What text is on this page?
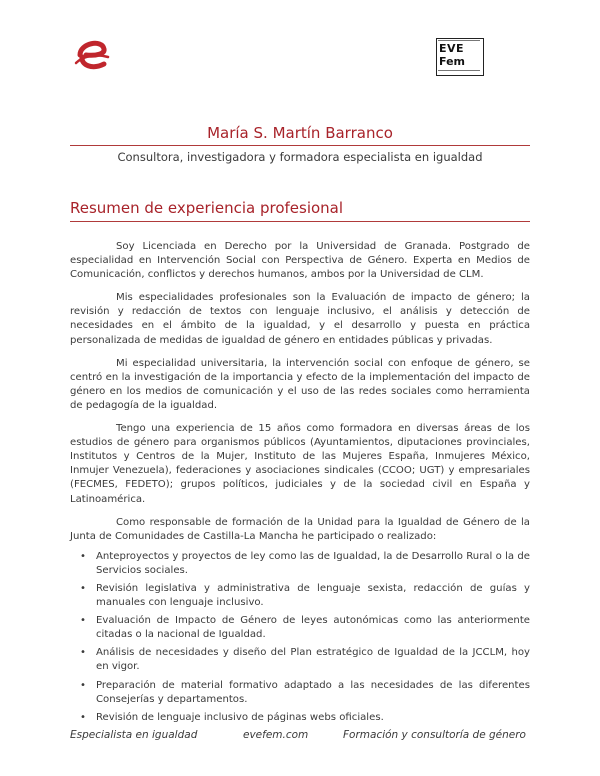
EVE
Fem
María S. Martín Barranco
Consultora, investigadora y formadora especialista en igualdad
Resumen de experiencia profesional

Soy Licenciada en Derecho por la Universidad de Granada. Postgrado de especialidad en Intervención Social con Perspectiva de Género. Experta en Medios de Comunicación, conflictos y derechos humanos, ambos por la Universidad de CLM.

Mis especialidades profesionales son la Evaluación de impacto de género; la revisión y redacción de textos con lenguaje inclusivo, el análisis y detección de necesidades en el ámbito de la igualdad, y el desarrollo y puesta en práctica personalizada de medidas de igualdad de género en entidades públicas y privadas.

Mi especialidad universitaria, la intervención social con enfoque de género, se centró en la investigación de la importancia y efecto de la implementación del impacto de género en los medios de comunicación y el uso de las redes sociales como herramienta de pedagogía de la igualdad.

Tengo una experiencia de 15 años como formadora en diversas áreas de los estudios de género para organismos públicos (Ayuntamientos, diputaciones provinciales, Institutos y Centros de la Mujer, Instituto de las Mujeres España, Inmujeres México, Inmujer Venezuela), federaciones y asociaciones sindicales (CCOO; UGT) y empresariales (FECMES, FEDETO); grupos políticos, judiciales y de la sociedad civil en España y Latinoamérica.

Como responsable de formación de la Unidad para la Igualdad de Género de la Junta de Comunidades de Castilla-La Mancha he participado o realizado:

• Anteproyectos y proyectos de ley como las de Igualdad, la de Desarrollo Rural o la de Servicios sociales.
• Revisión legislativa y administrativa de lenguaje sexista, redacción de guías y manuales con lenguaje inclusivo.
• Evaluación de Impacto de Género de leyes autonómicas como las anteriormente citadas o la nacional de Igualdad.
• Análisis de necesidades y diseño del Plan estratégico de Igualdad de la JCCLM, hoy en vigor.
• Preparación de material formativo adaptado a las necesidades de las diferentes Consejerías y departamentos.
• Revisión de lenguaje inclusivo de páginas webs oficiales.
Especialista en igualdad	evefem.com	Formación y consultoría de género
